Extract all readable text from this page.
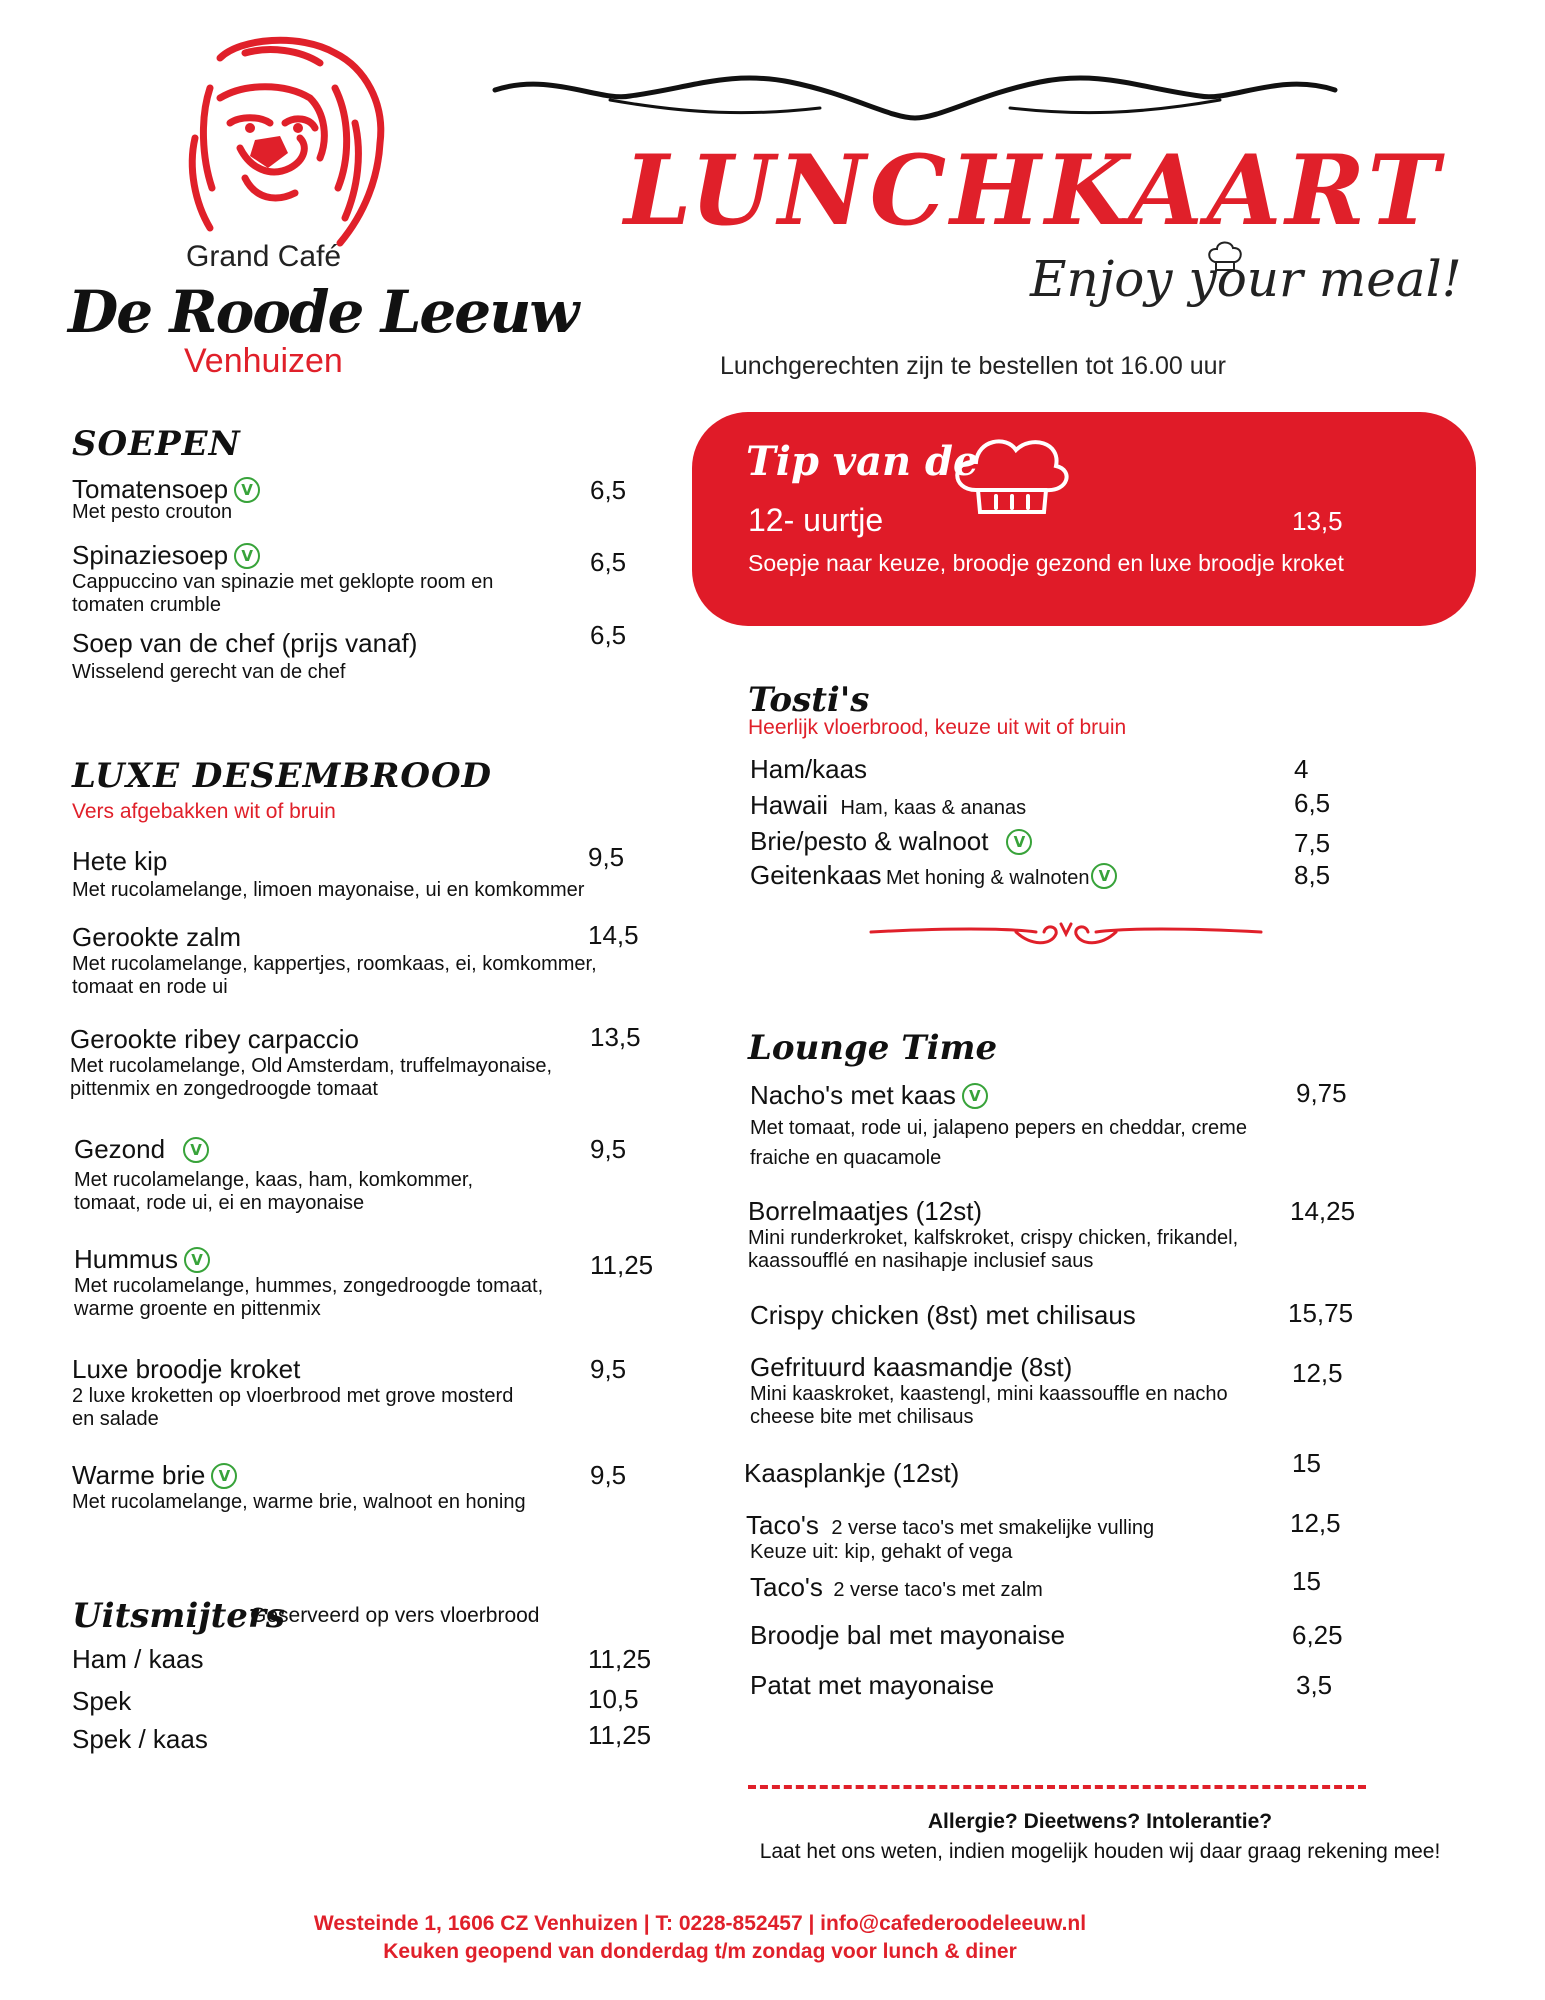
Grand Café
De Roode Leeuw
Venhuizen
LUNCHKAART
Enjoy your meal!
Lunchgerechten zijn te bestellen tot 16.00 uur
SOEPEN
Tomatensoep V
Met pesto crouton
6,5
Spinaziesoep V
Cappuccino van spinazie met geklopte room en
tomaten crumble
6,5
Soep van de chef (prijs vanaf)
Wisselend gerecht van de chef
6,5
LUXE DESEMBROOD
Vers afgebakken wit of bruin
Hete kip
Met rucolamelange, limoen mayonaise, ui en komkommer
9,5
Gerookte zalm
Met rucolamelange, kappertjes, roomkaas, ei, komkommer,
tomaat en rode ui
14,5
Gerookte ribey carpaccio
Met rucolamelange, Old Amsterdam, truffelmayonaise,
pittenmix en zongedroogde tomaat
13,5
Gezond V
Met rucolamelange, kaas, ham, komkommer,
tomaat, rode ui, ei en mayonaise
9,5
Hummus V
Met rucolamelange, hummes, zongedroogde tomaat,
warme groente en pittenmix
11,25
Luxe broodje kroket
2 luxe kroketten op vloerbrood met grove mosterd
en salade
9,5
Warme brie V
Met rucolamelange, warme brie, walnoot en honing
9,5
Uitsmijters
Geserveerd op vers vloerbrood
Ham / kaas	11,25
Spek	10,5
Spek / kaas	11,25
Tip van de
12- uurtje	13,5
Soepje naar keuze, broodje gezond en luxe broodje kroket
Tosti's
Heerlijk vloerbrood, keuze uit wit of bruin
Ham/kaas	4
Hawaii Ham, kaas & ananas	6,5
Brie/pesto & walnoot V	7,5
Geitenkaas Met honing & walnoten V	8,5
Lounge Time
Nacho's met kaas V
Met tomaat, rode ui, jalapeno pepers en cheddar, creme
fraiche en quacamole
9,75
Borrelmaatjes (12st)
Mini runderkroket, kalfskroket, crispy chicken, frikandel,
kaassoufflé en nasihapje inclusief saus
14,25
Crispy chicken (8st) met chilisaus	15,75
Gefrituurd kaasmandje (8st)
Mini kaaskroket, kaastengl, mini kaassouffle en nacho
cheese bite met chilisaus
12,5
Kaasplankje (12st)	15
Taco's 2 verse taco's met smakelijke vulling
Keuze uit: kip, gehakt of vega
12,5
Taco's 2 verse taco's met zalm	15
Broodje bal met mayonaise	6,25
Patat met mayonaise	3,5
Allergie? Dieetwens? Intolerantie?
Laat het ons weten, indien mogelijk houden wij daar graag rekening mee!
Westeinde 1, 1606 CZ Venhuizen | T: 0228-852457 | info@cafederoodeleeuw.nl
Keuken geopend van donderdag t/m zondag voor lunch & diner
